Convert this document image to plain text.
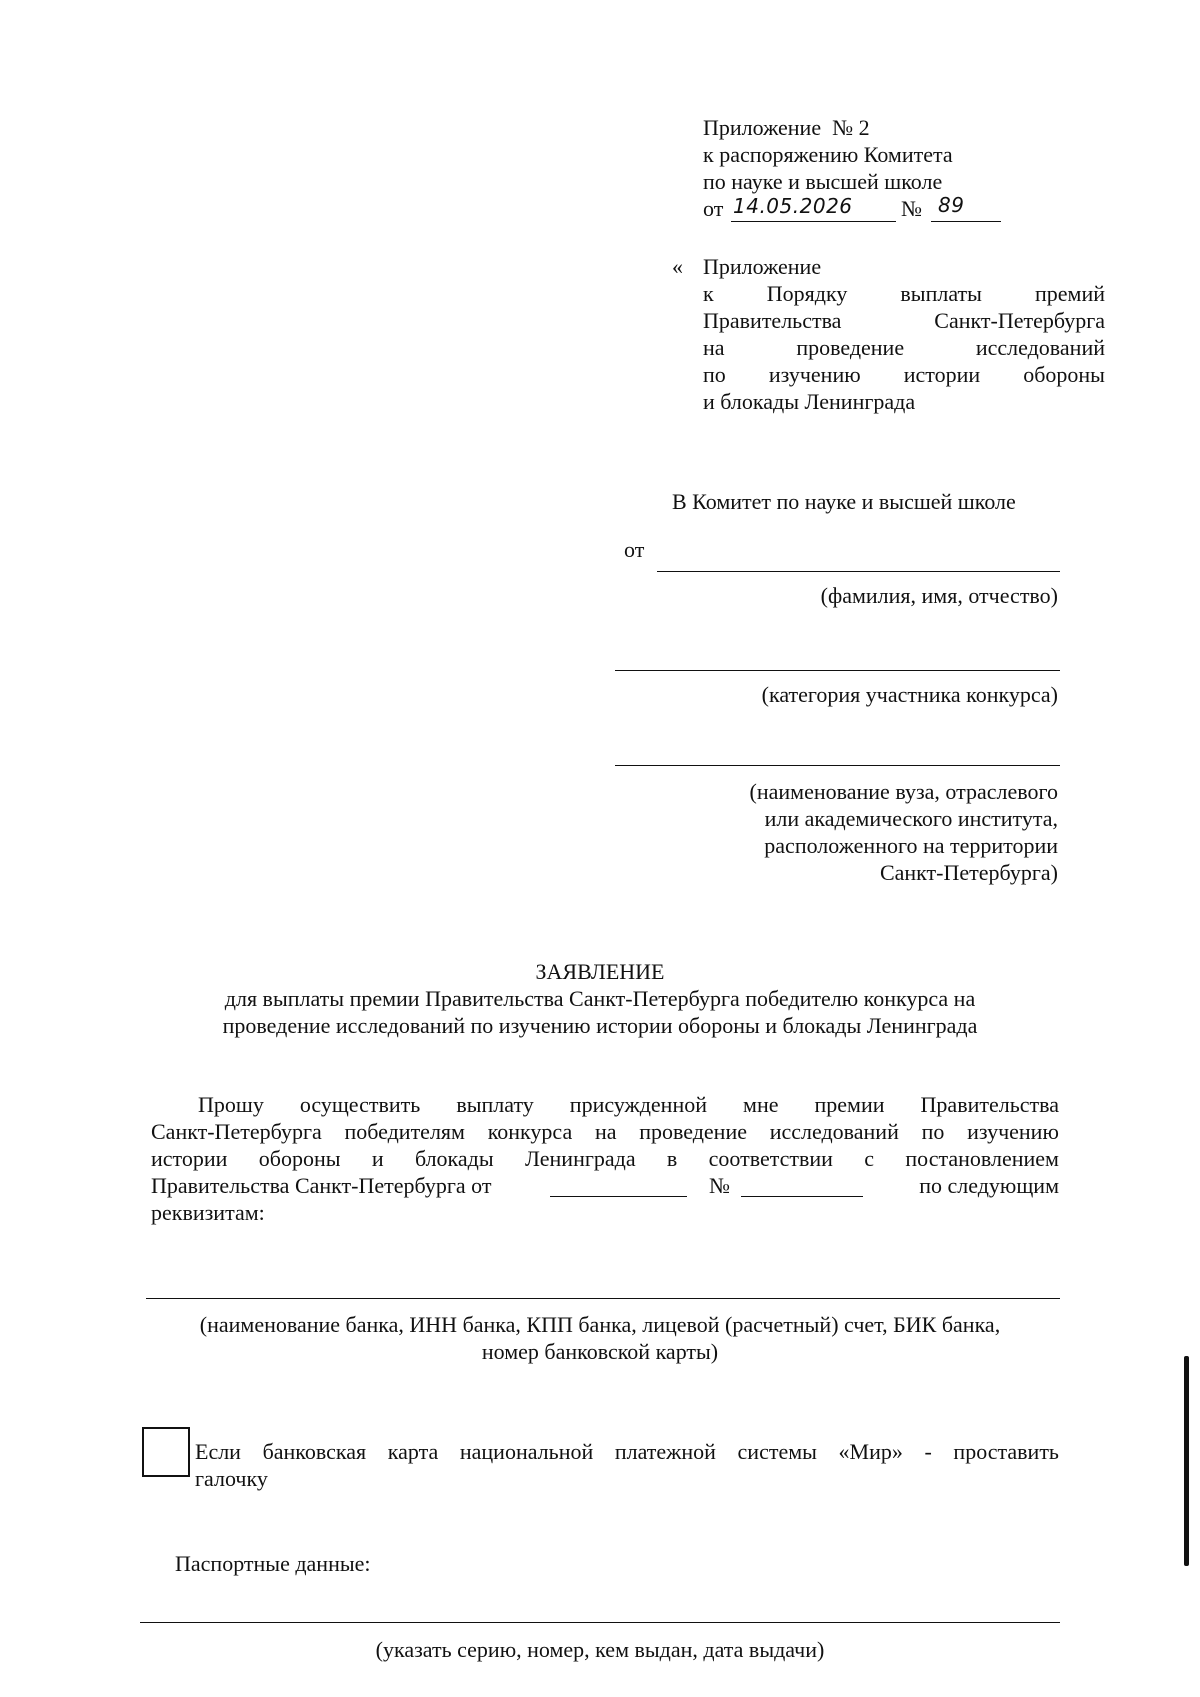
Приложение  № 2
к распоряжению Комитета
по науке и высшей школе
от 14.05.2026 № 89
« Приложение
к Порядку выплаты премий
Правительства	Санкт-Петербурга
на	проведение	исследований
по изучению истории обороны
и блокады Ленинграда
В Комитет по науке и высшей школе
от
(фамилия, имя, отчество)
(категория участника конкурса)
(наименование вуза, отраслевого
или академического института,
расположенного на территории
Санкт-Петербурга)
ЗАЯВЛЕНИЕ
для выплаты премии Правительства Санкт-Петербурга победителю конкурса на
проведение исследований по изучению истории обороны и блокады Ленинграда
Прошу осуществить выплату присужденной мне премии Правительства
Санкт-Петербурга победителям конкурса на проведение исследований по изучению
истории обороны и блокады Ленинграда в соответствии с постановлением
Правительства Санкт-Петербурга от	№	по следующим
реквизитам:
(наименование банка, ИНН банка, КПП банка, лицевой (расчетный) счет, БИК банка,
номер банковской карты)
Если банковская карта национальной платежной системы «Мир» - проставить
галочку
Паспортные данные:
(указать серию, номер, кем выдан, дата выдачи)
